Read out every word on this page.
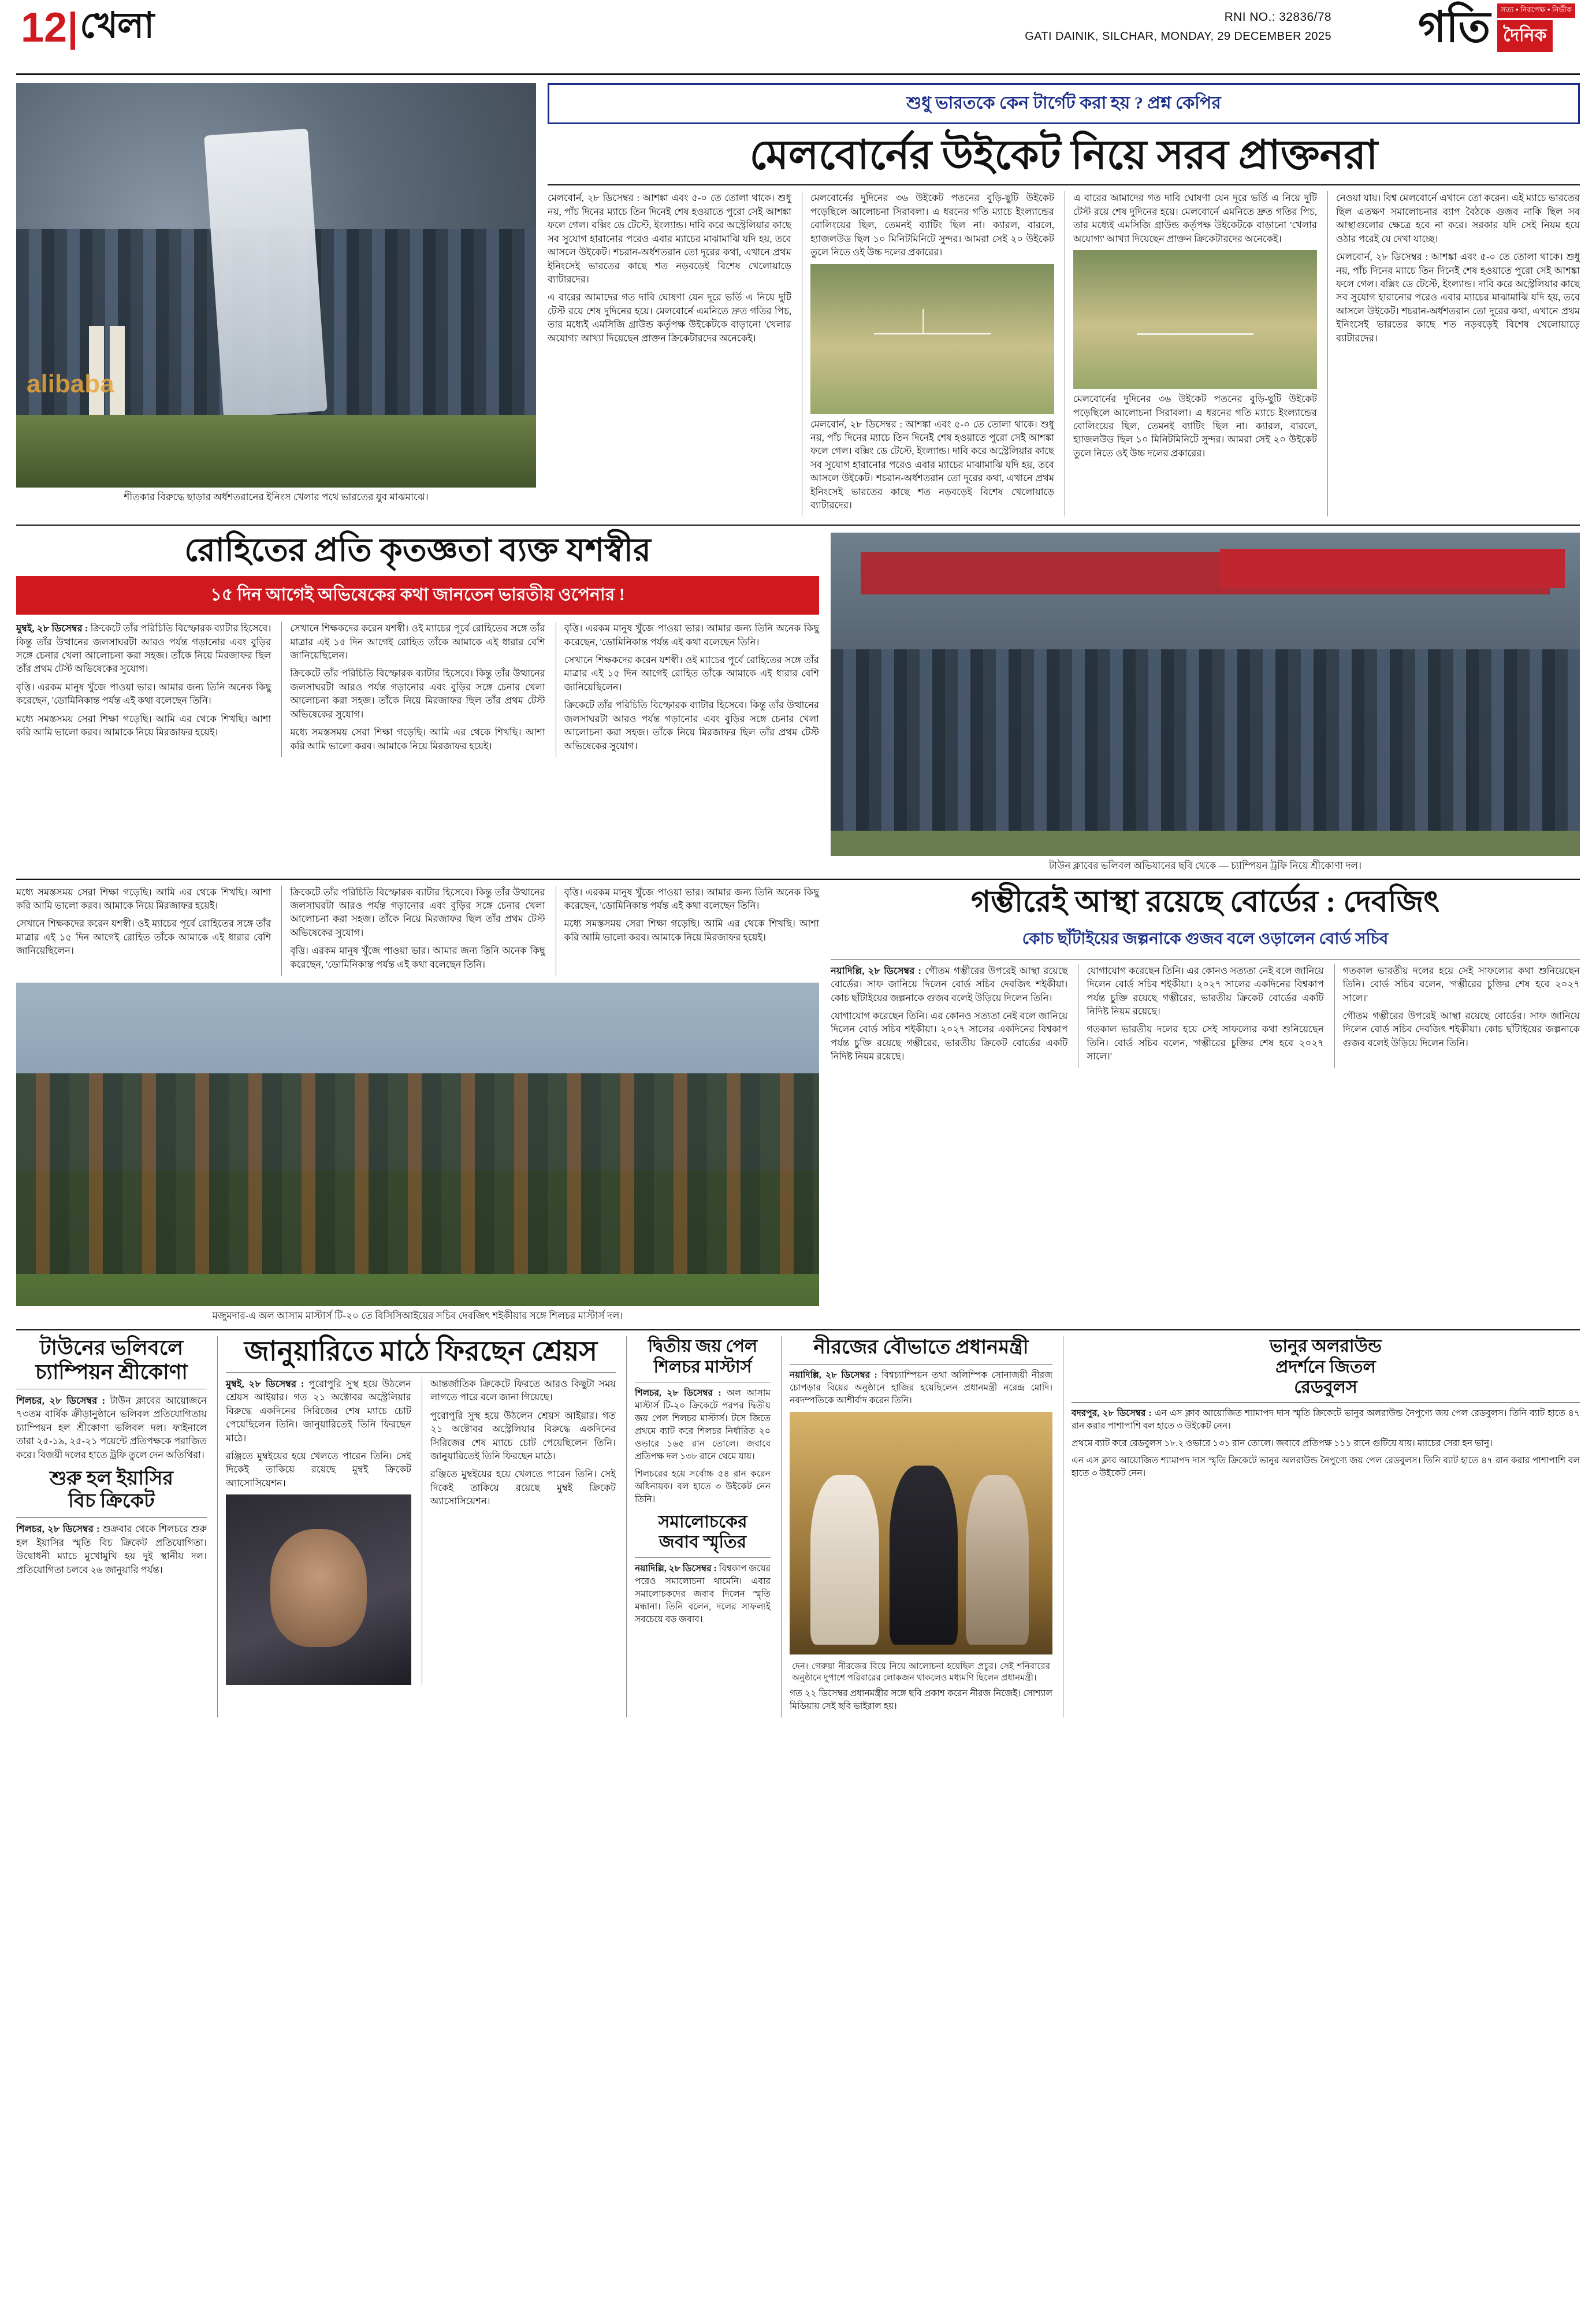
12 খেলা	RNI NO.: 32836/78
GATI DAINIK, SILCHAR, MONDAY, 29 DECEMBER 2025 গতি	সত্য • নিরপেক্ষ • নির্ভীক
দৈনিক
alibaba
শীতকার বিরুদ্ধে ছাড়ার অর্ধশতরানের ইনিংস খেলার পথে ভারতের যুব মাঝমাঝে।
শুধু ভারতকে কেন টার্গেট করা হয় ? প্রশ্ন কেপির
মেলবোর্নের উইকেট নিয়ে সরব প্রাক্তনরা

মেলবোর্ন, ২৮ ডিসেম্বর : আশঙ্কা এবং ৫-০ তে তোলা থাকে। শুধু নয়, পাঁচ দিনের ম্যাচে তিন দিনেই শেষ হওয়াতে পুরো সেই আশঙ্কা ফলে গেল। বক্সিং ডে টেস্টে, ইংল্যান্ড। দাবি করে অস্ট্রেলিয়ার কাছে সব সুযোগ হারানোর পরেও এবার ম্যাচের মাঝামাঝি যদি হয়, তবে আসলে উইকেট। শচরান-অর্ধশতরান তো দূরের কথা, এখানে প্রথম ইনিংসেই ভারতের কাছে শত নড়বড়েই বিশেষ খেলোয়াড়ে ব্যাটারদের।

এ বারের আমাদের গত দাবি ঘোষণা যেন দূরে ভর্তি এ নিয়ে দুটি টেস্ট রয়ে শেষ দুদিনের হয়ে। মেলবোর্নে এমনিতে দ্রুত গতির পিচ, তার মধ্যেই এমসিজি গ্রাউন্ড কর্তৃপক্ষ উইকেটকে বাড়ানো 'খেলার অযোগ্য' আখ্যা দিয়েছেন প্রাক্তন ক্রিকেটারদের অনেকেই।

মেলবোর্নের দুদিনের ৩৬ উইকেট পতনের বুড়ি-ছুটি উইকেট পড়েছিলে আলোচনা সিরাবলা। এ ধরনের গতি ম্যাচে ইংল্যান্ডের বোলিংয়ের ছিল, তেমনই ব্যাটিং ছিল না। ক্যারল, বারলে, হ্যাজলউড ছিল ১০ মিনিটমিনিটে সুন্দর। আমরা সেই ২০ উইকেট তুলে নিতে ওই উচ্চ দলের প্রকারের।

মেলবোর্ন, ২৮ ডিসেম্বর : আশঙ্কা এবং ৫-০ তে তোলা থাকে। শুধু নয়, পাঁচ দিনের ম্যাচে তিন দিনেই শেষ হওয়াতে পুরো সেই আশঙ্কা ফলে গেল। বক্সিং ডে টেস্টে, ইংল্যান্ড। দাবি করে অস্ট্রেলিয়ার কাছে সব সুযোগ হারানোর পরেও এবার ম্যাচের মাঝামাঝি যদি হয়, তবে আসলে উইকেট। শচরান-অর্ধশতরান তো দূরের কথা, এখানে প্রথম ইনিংসেই ভারতের কাছে শত নড়বড়েই বিশেষ খেলোয়াড়ে ব্যাটারদের।

এ বারের আমাদের গত দাবি ঘোষণা যেন দূরে ভর্তি এ নিয়ে দুটি টেস্ট রয়ে শেষ দুদিনের হয়ে। মেলবোর্নে এমনিতে দ্রুত গতির পিচ, তার মধ্যেই এমসিজি গ্রাউন্ড কর্তৃপক্ষ উইকেটকে বাড়ানো 'খেলার অযোগ্য' আখ্যা দিয়েছেন প্রাক্তন ক্রিকেটারদের অনেকেই।

মেলবোর্নের দুদিনের ৩৬ উইকেট পতনের বুড়ি-ছুটি উইকেট পড়েছিলে আলোচনা সিরাবলা। এ ধরনের গতি ম্যাচে ইংল্যান্ডের বোলিংয়ের ছিল, তেমনই ব্যাটিং ছিল না। ক্যারল, বারলে, হ্যাজলউড ছিল ১০ মিনিটমিনিটে সুন্দর। আমরা সেই ২০ উইকেট তুলে নিতে ওই উচ্চ দলের প্রকারের।

নেওয়া যায়। বিশ্ব মেলবোর্নে এখানে তো করেন। এই ম্যাচে ভারতের ছিল এতক্ষণ সমালোচনার ব্যাপ বৈঠকে গুজব নাকি ছিল সব আস্থাগুলোর ক্ষেত্রে হবে না করে। সরকার যদি সেই নিয়ম হয়ে ওঠার পরেই যে দেখা যাচ্ছে।

মেলবোর্ন, ২৮ ডিসেম্বর : আশঙ্কা এবং ৫-০ তে তোলা থাকে। শুধু নয়, পাঁচ দিনের ম্যাচে তিন দিনেই শেষ হওয়াতে পুরো সেই আশঙ্কা ফলে গেল। বক্সিং ডে টেস্টে, ইংল্যান্ড। দাবি করে অস্ট্রেলিয়ার কাছে সব সুযোগ হারানোর পরেও এবার ম্যাচের মাঝামাঝি যদি হয়, তবে আসলে উইকেট। শচরান-অর্ধশতরান তো দূরের কথা, এখানে প্রথম ইনিংসেই ভারতের কাছে শত নড়বড়েই বিশেষ খেলোয়াড়ে ব্যাটারদের।

রোহিতের প্রতি কৃতজ্ঞতা ব্যক্ত যশস্বীর
১৫ দিন আগেই অভিষেকের কথা জানতেন ভারতীয় ওপেনার !

মুম্বই, ২৮ ডিসেম্বর : ক্রিকেটে তাঁর পরিচিতি বিস্ফোরক ব্যাটার হিসেবে। কিন্তু তাঁর উত্থানের জলসাঘরটা আরও পর্যন্ত গড়ানোর এবং বুড়ির সঙ্গে চেনার খেলা আলোচনা করা সহজ। তাঁকে নিয়ে মিরজাফর ছিল তাঁর প্রথম টেস্ট অভিষেকের সুযোগ।

বৃত্তি। এরকম মানুষ খুঁজে পাওয়া ভার। আমার জন্য তিনি অনেক কিছু করেছেন, 'ডোমিনিকান্ত পর্যন্ত এই কথা বলেছেন তিনি।

মধ্যে সমস্তসময় সেরা শিক্ষা গড়েছি। আমি এর থেকে শিখছি। আশা করি আমি ভালো করব। আমাকে নিয়ে মিরজাফর হয়েই।

সেখানে শিক্ষকদের করেন যশস্বী। ওই ম্যাচের পূর্বে রোহিতের সঙ্গে তাঁর মাত্রার এই ১৫ দিন আগেই রোহিত তাঁকে আমাকে এই ধারার বেশি জানিয়েছিলেন।

ক্রিকেটে তাঁর পরিচিতি বিস্ফোরক ব্যাটার হিসেবে। কিন্তু তাঁর উত্থানের জলসাঘরটা আরও পর্যন্ত গড়ানোর এবং বুড়ির সঙ্গে চেনার খেলা আলোচনা করা সহজ। তাঁকে নিয়ে মিরজাফর ছিল তাঁর প্রথম টেস্ট অভিষেকের সুযোগ।

মধ্যে সমস্তসময় সেরা শিক্ষা গড়েছি। আমি এর থেকে শিখছি। আশা করি আমি ভালো করব। আমাকে নিয়ে মিরজাফর হয়েই।

বৃত্তি। এরকম মানুষ খুঁজে পাওয়া ভার। আমার জন্য তিনি অনেক কিছু করেছেন, 'ডোমিনিকান্ত পর্যন্ত এই কথা বলেছেন তিনি।

সেখানে শিক্ষকদের করেন যশস্বী। ওই ম্যাচের পূর্বে রোহিতের সঙ্গে তাঁর মাত্রার এই ১৫ দিন আগেই রোহিত তাঁকে আমাকে এই ধারার বেশি জানিয়েছিলেন।

ক্রিকেটে তাঁর পরিচিতি বিস্ফোরক ব্যাটার হিসেবে। কিন্তু তাঁর উত্থানের জলসাঘরটা আরও পর্যন্ত গড়ানোর এবং বুড়ির সঙ্গে চেনার খেলা আলোচনা করা সহজ। তাঁকে নিয়ে মিরজাফর ছিল তাঁর প্রথম টেস্ট অভিষেকের সুযোগ।

টাউন ক্লাবের ভলিবল অভিযানের ছবি থেকে — চ্যাম্পিয়ন ট্রফি নিয়ে শ্রীকোণা দল।

মধ্যে সমস্তসময় সেরা শিক্ষা গড়েছি। আমি এর থেকে শিখছি। আশা করি আমি ভালো করব। আমাকে নিয়ে মিরজাফর হয়েই।

সেখানে শিক্ষকদের করেন যশস্বী। ওই ম্যাচের পূর্বে রোহিতের সঙ্গে তাঁর মাত্রার এই ১৫ দিন আগেই রোহিত তাঁকে আমাকে এই ধারার বেশি জানিয়েছিলেন।

ক্রিকেটে তাঁর পরিচিতি বিস্ফোরক ব্যাটার হিসেবে। কিন্তু তাঁর উত্থানের জলসাঘরটা আরও পর্যন্ত গড়ানোর এবং বুড়ির সঙ্গে চেনার খেলা আলোচনা করা সহজ। তাঁকে নিয়ে মিরজাফর ছিল তাঁর প্রথম টেস্ট অভিষেকের সুযোগ।

বৃত্তি। এরকম মানুষ খুঁজে পাওয়া ভার। আমার জন্য তিনি অনেক কিছু করেছেন, 'ডোমিনিকান্ত পর্যন্ত এই কথা বলেছেন তিনি।

বৃত্তি। এরকম মানুষ খুঁজে পাওয়া ভার। আমার জন্য তিনি অনেক কিছু করেছেন, 'ডোমিনিকান্ত পর্যন্ত এই কথা বলেছেন তিনি।

মধ্যে সমস্তসময় সেরা শিক্ষা গড়েছি। আমি এর থেকে শিখছি। আশা করি আমি ভালো করব। আমাকে নিয়ে মিরজাফর হয়েই।

মজুমদার-এ অল আসাম মাস্টার্স টি-২০ তে বিসিসিআইয়ের সচিব দেবজিৎ শইকীয়ার সঙ্গে শিলচর মাস্টার্স দল।
গম্ভীরেই আস্থা রয়েছে বোর্ডের : দেবজিৎ
কোচ ছাঁটাইয়ের জল্পনাকে গুজব বলে ওড়ালেন বোর্ড সচিব

নয়াদিল্লি, ২৮ ডিসেম্বর : গৌতম গম্ভীরের উপরেই আস্থা রয়েছে বোর্ডের। সাফ জানিয়ে দিলেন বোর্ড সচিব দেবজিৎ শইকীয়া। কোচ ছাঁটাইয়ের জল্পনাকে গুজব বলেই উড়িয়ে দিলেন তিনি।

যোগাযোগ করেছেন তিনি। এর কোনও সত্যতা নেই বলে জানিয়ে দিলেন বোর্ড সচিব শইকীয়া। ২০২৭ সালের একদিনের বিশ্বকাপ পর্যন্ত চুক্তি রয়েছে গম্ভীরের, ভারতীয় ক্রিকেট বোর্ডের একটি নিদিষ্ট নিয়ম রয়েছে।

যোগাযোগ করেছেন তিনি। এর কোনও সত্যতা নেই বলে জানিয়ে দিলেন বোর্ড সচিব শইকীয়া। ২০২৭ সালের একদিনের বিশ্বকাপ পর্যন্ত চুক্তি রয়েছে গম্ভীরের, ভারতীয় ক্রিকেট বোর্ডের একটি নিদিষ্ট নিয়ম রয়েছে।

গতকাল ভারতীয় দলের হয়ে সেই সাফল্যের কথা শুনিয়েছেন তিনি। বোর্ড সচিব বলেন, 'গম্ভীরের চুক্তির শেষ হবে ২০২৭ সালে।'

গতকাল ভারতীয় দলের হয়ে সেই সাফল্যের কথা শুনিয়েছেন তিনি। বোর্ড সচিব বলেন, 'গম্ভীরের চুক্তির শেষ হবে ২০২৭ সালে।'

গৌতম গম্ভীরের উপরেই আস্থা রয়েছে বোর্ডের। সাফ জানিয়ে দিলেন বোর্ড সচিব দেবজিৎ শইকীয়া। কোচ ছাঁটাইয়ের জল্পনাকে গুজব বলেই উড়িয়ে দিলেন তিনি।

টাউনের ভলিবলে
চ্যাম্পিয়ন শ্রীকোণা

শিলচর, ২৮ ডিসেম্বর : টাউন ক্লাবের আয়োজনে ৭৩তম বার্ষিক ক্রীড়ানুষ্ঠানে ভলিবল প্রতিযোগিতায় চ্যাম্পিয়ন হল শ্রীকোণা ভলিবল দল। ফাইনালে তারা ২৫-১৯, ২৫-২১ পয়েন্টে প্রতিপক্ষকে পরাজিত করে। বিজয়ী দলের হাতে ট্রফি তুলে দেন অতিথিরা।

শুরু হল ইয়াসির
বিচ ক্রিকেট

শিলচর, ২৮ ডিসেম্বর : শুক্রবার থেকে শিলচরে শুরু হল ইয়াসির স্মৃতি বিচ ক্রিকেট প্রতিযোগিতা। উদ্বোধনী ম্যাচে মুখোমুখি হয় দুই স্থানীয় দল। প্রতিযোগিতা চলবে ২৬ জানুয়ারি পর্যন্ত।

জানুয়ারিতে মাঠে ফিরছেন শ্রেয়স

মুম্বই, ২৮ ডিসেম্বর : পুরোপুরি সুস্থ হয়ে উঠলেন শ্রেয়স আইয়ার। গত ২১ অক্টোবর অস্ট্রেলিয়ার বিরুদ্ধে একদিনের সিরিজের শেষ ম্যাচে চোট পেয়েছিলেন তিনি। জানুয়ারিতেই তিনি ফিরছেন মাঠে।

রঞ্জিতে মুম্বইয়ের হয়ে খেলতে পারেন তিনি। সেই দিকেই তাকিয়ে রয়েছে মুম্বই ক্রিকেট অ্যাসোসিয়েশন।

আন্তর্জাতিক ক্রিকেটে ফিরতে আরও কিছুটা সময় লাগতে পারে বলে জানা গিয়েছে।

পুরোপুরি সুস্থ হয়ে উঠলেন শ্রেয়স আইয়ার। গত ২১ অক্টোবর অস্ট্রেলিয়ার বিরুদ্ধে একদিনের সিরিজের শেষ ম্যাচে চোট পেয়েছিলেন তিনি। জানুয়ারিতেই তিনি ফিরছেন মাঠে।

রঞ্জিতে মুম্বইয়ের হয়ে খেলতে পারেন তিনি। সেই দিকেই তাকিয়ে রয়েছে মুম্বই ক্রিকেট অ্যাসোসিয়েশন।

দ্বিতীয় জয় পেল
শিলচর মাস্টার্স

শিলচর, ২৮ ডিসেম্বর : অল আসাম মাস্টার্স টি-২০ ক্রিকেটে পরপর দ্বিতীয় জয় পেল শিলচর মাস্টার্স। টসে জিতে প্রথমে ব্যাট করে শিলচর নির্ধারিত ২০ ওভারে ১৬৫ রান তোলে। জবাবে প্রতিপক্ষ দল ১৩৮ রানে থেমে যায়।

শিলচরের হয়ে সর্বোচ্চ ৫৪ রান করেন অধিনায়ক। বল হাতে ৩ উইকেট নেন তিনি।

সমালোচকের
জবাব স্মৃতির

নয়াদিল্লি, ২৮ ডিসেম্বর : বিশ্বকাপ জয়ের পরেও সমালোচনা থামেনি। এবার সমালোচকদের জবাব দিলেন স্মৃতি মন্ধানা। তিনি বলেন, দলের সাফল্যই সবচেয়ে বড় জবাব।

নীরজের বৌভাতে প্রধানমন্ত্রী

নয়াদিল্লি, ২৮ ডিসেম্বর : বিশ্বচ্যাম্পিয়ন তথা অলিম্পিক সোনাজয়ী নীরজ চোপড়ার বিয়ের অনুষ্ঠানে হাজির হয়েছিলেন প্রধানমন্ত্রী নরেন্দ্র মোদি। নবদম্পতিকে আশীর্বাদ করেন তিনি।

দেন। গেরুয়া নীরজের বিয়ে নিয়ে আলোচনা হয়েছিল প্রচুর। সেই শনিবারের অনুষ্ঠানে দুপাশে পরিবারের লোকজন থাকলেও মধ্যমণি ছিলেন প্রধানমন্ত্রী।

গত ২২ ডিসেম্বর প্রধানমন্ত্রীর সঙ্গে ছবি প্রকাশ করেন নীরজ নিজেই। সোশ্যাল মিডিয়ায় সেই ছবি ভাইরাল হয়।

ভানুর অলরাউন্ড
প্রদর্শনে জিতল
রেডবুলস

বদরপুর, ২৮ ডিসেম্বর : এন এস ক্লাব আয়োজিত শ্যামাপদ দাস স্মৃতি ক্রিকেটে ভানুর অলরাউন্ড নৈপুণ্যে জয় পেল রেডবুলস। তিনি ব্যাট হাতে ৪৭ রান করার পাশাপাশি বল হাতে ৩ উইকেট নেন।

প্রথমে ব্যাট করে রেডবুলস ১৮.২ ওভারে ১৩১ রান তোলে। জবাবে প্রতিপক্ষ ১১১ রানে গুটিয়ে যায়। ম্যাচের সেরা হন ভানু।

এন এস ক্লাব আয়োজিত শ্যামাপদ দাস স্মৃতি ক্রিকেটে ভানুর অলরাউন্ড নৈপুণ্যে জয় পেল রেডবুলস। তিনি ব্যাট হাতে ৪৭ রান করার পাশাপাশি বল হাতে ৩ উইকেট নেন।
